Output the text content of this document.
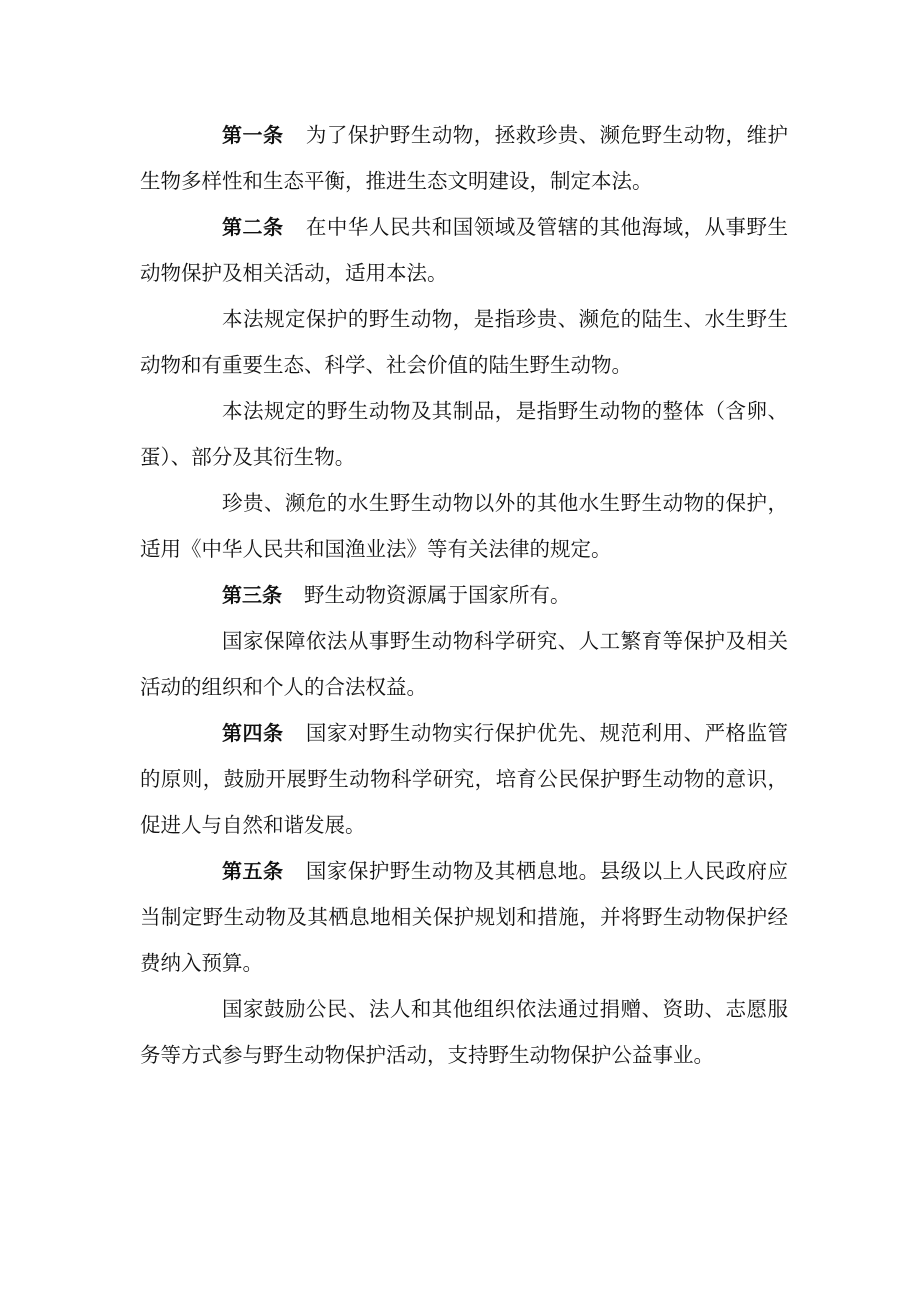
第一条 为了保护野生动物，拯救珍贵、濒危野生动物，维护生物多样性和生态平衡，推进生态文明建设，制定本法。

第二条 在中华人民共和国领域及管辖的其他海域，从事野生动物保护及相关活动，适用本法。

本法规定保护的野生动物，是指珍贵、濒危的陆生、水生野生动物和有重要生态、科学、社会价值的陆生野生动物。

本法规定的野生动物及其制品，是指野生动物的整体（含卵、蛋）、部分及其衍生物。

珍贵、濒危的水生野生动物以外的其他水生野生动物的保护，适用《中华人民共和国渔业法》等有关法律的规定。

第三条 野生动物资源属于国家所有。

国家保障依法从事野生动物科学研究、人工繁育等保护及相关活动的组织和个人的合法权益。

第四条 国家对野生动物实行保护优先、规范利用、严格监管的原则，鼓励开展野生动物科学研究，培育公民保护野生动物的意识，促进人与自然和谐发展。

第五条 国家保护野生动物及其栖息地。县级以上人民政府应当制定野生动物及其栖息地相关保护规划和措施，并将野生动物保护经费纳入预算。

国家鼓励公民、法人和其他组织依法通过捐赠、资助、志愿服务等方式参与野生动物保护活动，支持野生动物保护公益事业。
